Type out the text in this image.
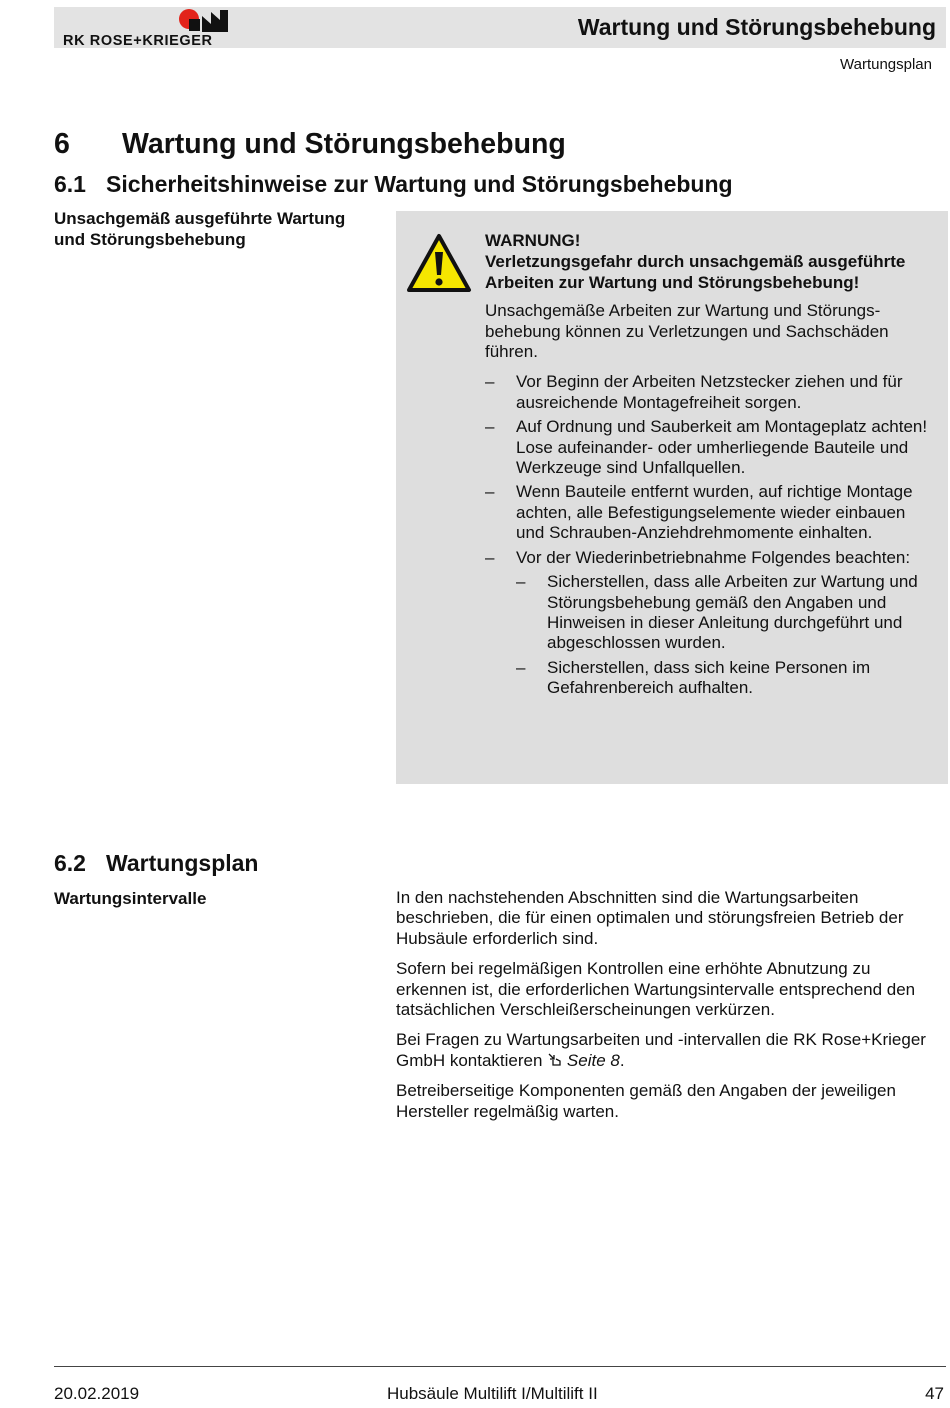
RK ROSE+KRIEGER
Wartung und Störungsbehebung
Wartungsplan
6 Wartung und Störungsbehebung
6.1 Sicherheitshinweise zur Wartung und Störungsbehebung
Unsachgemäß ausgeführte Wartung und Störungsbehebung	WARNUNG!
Verletzungsgefahr durch unsachgemäß ausgeführte Arbeiten zur Wartung und Störungsbehebung!
Unsachgemäße Arbeiten zur Wartung und Störungsbehebung können zu Verletzungen und Sachschäden führen.
– Vor Beginn der Arbeiten Netzstecker ziehen und für ausreichende Montagefreiheit sorgen.
– Auf Ordnung und Sauberkeit am Montageplatz achten! Lose aufeinander- oder umherliegende Bauteile und Werkzeuge sind Unfallquellen.
– Wenn Bauteile entfernt wurden, auf richtige Montage achten, alle Befestigungselemente wieder einbauen und Schrauben-Anziehdrehmomente einhalten.
– Vor der Wiederinbetriebnahme Folgendes beachten:
– Sicherstellen, dass alle Arbeiten zur Wartung und Störungsbehebung gemäß den Angaben und Hinweisen in dieser Anleitung durchgeführt und abgeschlossen wurden.
– Sicherstellen, dass sich keine Personen im Gefahrenbereich aufhalten.
6.2 Wartungsplan
Wartungsintervalle	In den nachstehenden Abschnitten sind die Wartungsarbeiten beschrieben, die für einen optimalen und störungsfreien Betrieb der Hubsäule erforderlich sind.

Sofern bei regelmäßigen Kontrollen eine erhöhte Abnutzung zu erkennen ist, die erforderlichen Wartungsintervalle entsprechend den tatsächlichen Verschleißerscheinungen verkürzen.

Bei Fragen zu Wartungsarbeiten und -intervallen die RK Rose+Krieger GmbH kontaktieren Seite 8.

Betreiberseitige Komponenten gemäß den Angaben der jeweiligen Hersteller regelmäßig warten.

20.02.2019	Hubsäule Multilift I/Multilift II	47
